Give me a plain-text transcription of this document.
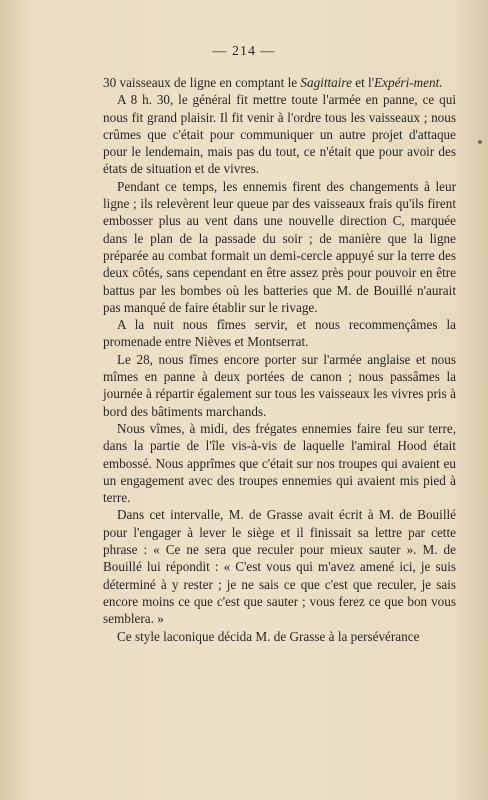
— 214 —

30 vaisseaux de ligne en comptant le Sagittaire et l'Expéri-ment.

A 8 h. 30, le général fit mettre toute l'armée en panne, ce qui nous fit grand plaisir. Il fit venir à l'ordre tous les vaisseaux ; nous crûmes que c'était pour communiquer un autre projet d'attaque pour le lendemain, mais pas du tout, ce n'était que pour avoir des états de situation et de vivres.

Pendant ce temps, les ennemis firent des changements à leur ligne ; ils relevèrent leur queue par des vaisseaux frais qu'ils firent embosser plus au vent dans une nouvelle direction C, marquée dans le plan de la passade du soir ; de manière que la ligne préparée au combat formait un demi-cercle appuyé sur la terre des deux côtés, sans cependant en être assez près pour pouvoir en être battus par les bombes où les batteries que M. de Bouillé n'aurait pas manqué de faire établir sur le rivage.

A la nuit nous fîmes servir, et nous recommençâmes la promenade entre Nièves et Montserrat.

Le 28, nous fîmes encore porter sur l'armée anglaise et nous mîmes en panne à deux portées de canon ; nous passâmes la journée à répartir également sur tous les vaisseaux les vivres pris à bord des bâtiments marchands.

Nous vîmes, à midi, des frégates ennemies faire feu sur terre, dans la partie de l'île vis-à-vis de laquelle l'amiral Hood était embossé. Nous apprîmes que c'était sur nos troupes qui avaient eu un engagement avec des troupes ennemies qui avaient mis pied à terre.

Dans cet intervalle, M. de Grasse avait écrit à M. de Bouillé pour l'engager à lever le siège et il finissait sa lettre par cette phrase : « Ce ne sera que reculer pour mieux sauter ». M. de Bouillé lui répondit : « C'est vous qui m'avez amené ici, je suis déterminé à y rester ; je ne sais ce que c'est que reculer, je sais encore moins ce que c'est que sauter ; vous ferez ce que bon vous semblera. »

Ce style laconique décida M. de Grasse à la persévérance
